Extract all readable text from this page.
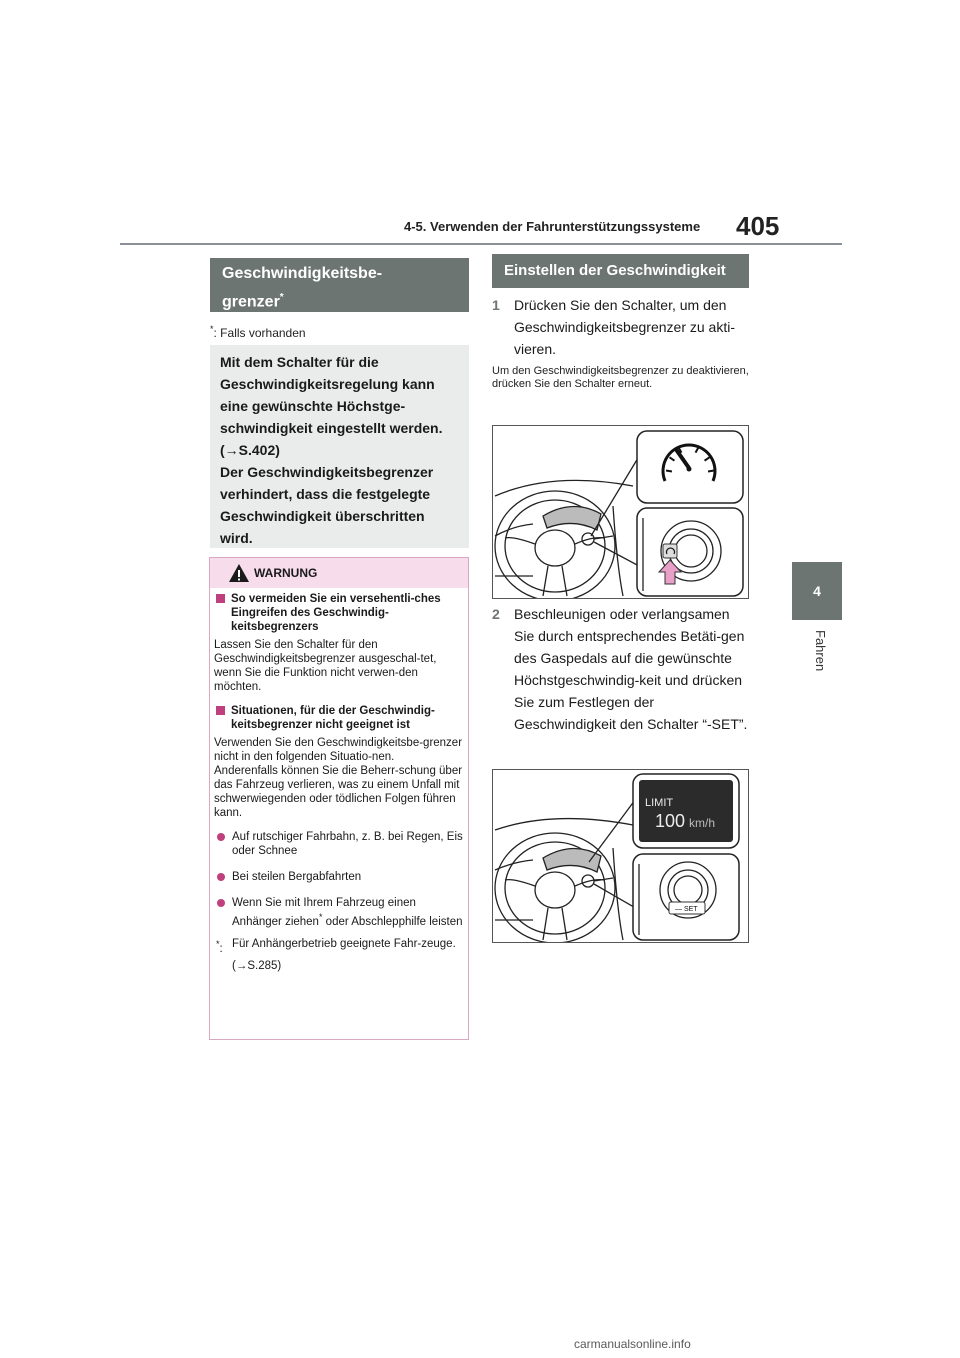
4-5. Verwenden der Fahrunterstützungssysteme 405
4
Fahren
Geschwindigkeitsbe-
grenzer*
*: Falls vorhanden

Mit dem Schalter für die

Geschwindigkeitsregelung kann

eine gewünschte Höchstge-

schwindigkeit eingestellt werden.

(→S.402)

Der Geschwindigkeitsbegrenzer

verhindert, dass die festgelegte

Geschwindigkeit überschritten

wird.

WARNUNG
So vermeiden Sie ein versehentli-ches Eingreifen des Geschwindig-keitsbegrenzers

Lassen Sie den Schalter für den Geschwindigkeitsbegrenzer ausgeschal-tet, wenn Sie die Funktion nicht verwen-den möchten.

Situationen, für die der Geschwindig-keitsbegrenzer nicht geeignet ist

Verwenden Sie den Geschwindigkeitsbe-grenzer nicht in den folgenden Situatio-nen.

Anderenfalls können Sie die Beherr-schung über das Fahrzeug verlieren, was zu einem Unfall mit schwerwiegenden oder tödlichen Folgen führen kann.

Auf rutschiger Fahrbahn, z. B. bei Regen, Eis oder Schnee
Bei steilen Bergabfahrten
Wenn Sie mit Ihrem Fahrzeug einen Anhänger ziehen* oder Abschlepphilfe leisten
*: Für Anhängerbetrieb geeignete Fahr-zeuge. (→S.285)
Einstellen der Geschwindigkeit
1	Drücken Sie den Schalter, um den Geschwindigkeitsbegrenzer zu akti-vieren.
Um den Geschwindigkeitsbegrenzer zu deaktivieren, drücken Sie den Schalter erneut.
2	Beschleunigen oder verlangsamen Sie durch entsprechendes Betäti-gen des Gaspedals auf die gewünschte Höchstgeschwindig-keit und drücken Sie zum Festlegen der Geschwindigkeit den Schalter “-SET”.
LIMIT
100 km/h
— SET
carmanualsonline.info
